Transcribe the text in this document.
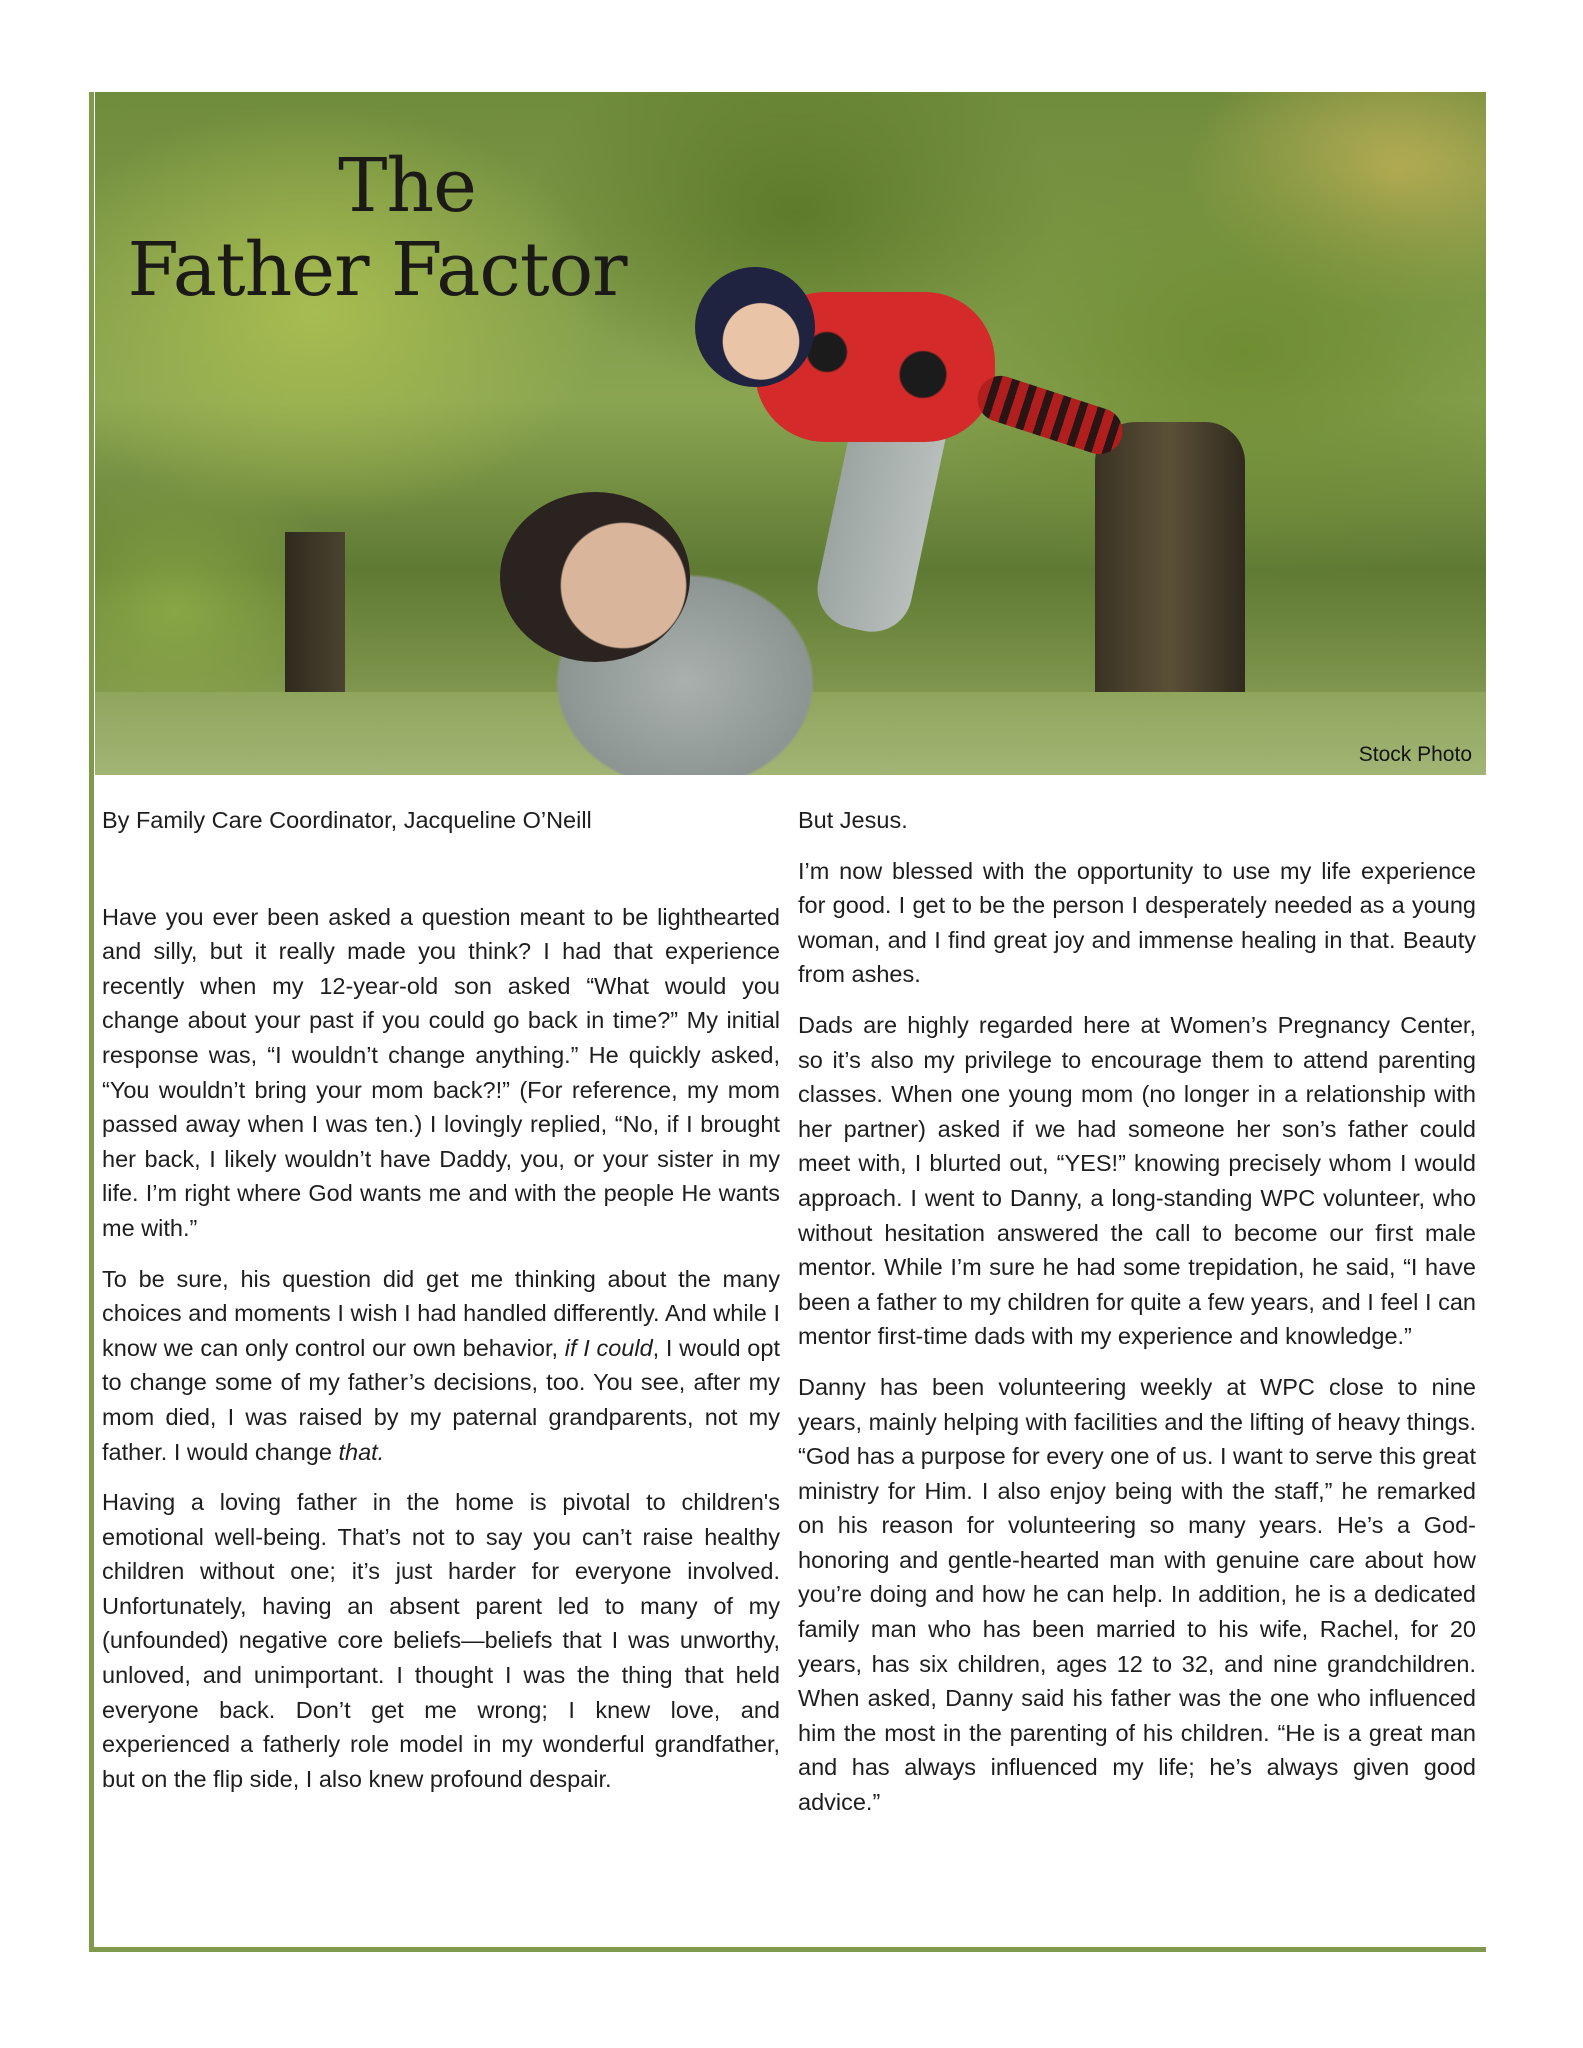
The
Father Factor
Stock Photo

By Family Care Coordinator, Jacqueline O’Neill

Have you ever been asked a question meant to be lighthearted and silly, but it really made you think? I had that experience recently when my 12-year-old son asked “What would you change about your past if you could go back in time?” My initial response was, “I wouldn’t change anything.” He quickly asked, “You wouldn’t bring your mom back?!” (For reference, my mom passed away when I was ten.) I lovingly replied, “No, if I brought her back, I likely wouldn’t have Daddy, you, or your sister in my life. I’m right where God wants me and with the people He wants me with.”

To be sure, his question did get me thinking about the many choices and moments I wish I had handled differently. And while I know we can only control our own behavior, if I could, I would opt to change some of my father’s decisions, too. You see, after my mom died, I was raised by my paternal grandparents, not my father. I would change that.

Having a loving father in the home is pivotal to children's emotional well-being. That’s not to say you can’t raise healthy children without one; it’s just harder for everyone involved. Unfortunately, having an absent parent led to many of my (unfounded) negative core beliefs—beliefs that I was unworthy, unloved, and unimportant. I thought I was the thing that held everyone back. Don’t get me wrong; I knew love, and experienced a fatherly role model in my wonderful grandfather, but on the flip side, I also knew profound despair.

But Jesus.

I’m now blessed with the opportunity to use my life experience for good. I get to be the person I desperately needed as a young woman, and I find great joy and immense healing in that. Beauty from ashes.

Dads are highly regarded here at Women’s Pregnancy Center, so it’s also my privilege to encourage them to attend parenting classes. When one young mom (no longer in a relationship with her partner) asked if we had someone her son’s father could meet with, I blurted out, “YES!” knowing precisely whom I would approach. I went to Danny, a long-standing WPC volunteer, who without hesitation answered the call to become our first male mentor. While I’m sure he had some trepidation, he said, “I have been a father to my children for quite a few years, and I feel I can mentor first-time dads with my experience and knowledge.”

Danny has been volunteering weekly at WPC close to nine years, mainly helping with facilities and the lifting of heavy things. “God has a purpose for every one of us. I want to serve this great ministry for Him. I also enjoy being with the staff,” he remarked on his reason for volunteering so many years. He’s a God-honoring and gentle-hearted man with genuine care about how you’re doing and how he can help. In addition, he is a dedicated family man who has been married to his wife, Rachel, for 20 years, has six children, ages 12 to 32, and nine grandchildren. When asked, Danny said his father was the one who influenced him the most in the parenting of his children. “He is a great man and has always influenced my life; he’s always given good advice.”
